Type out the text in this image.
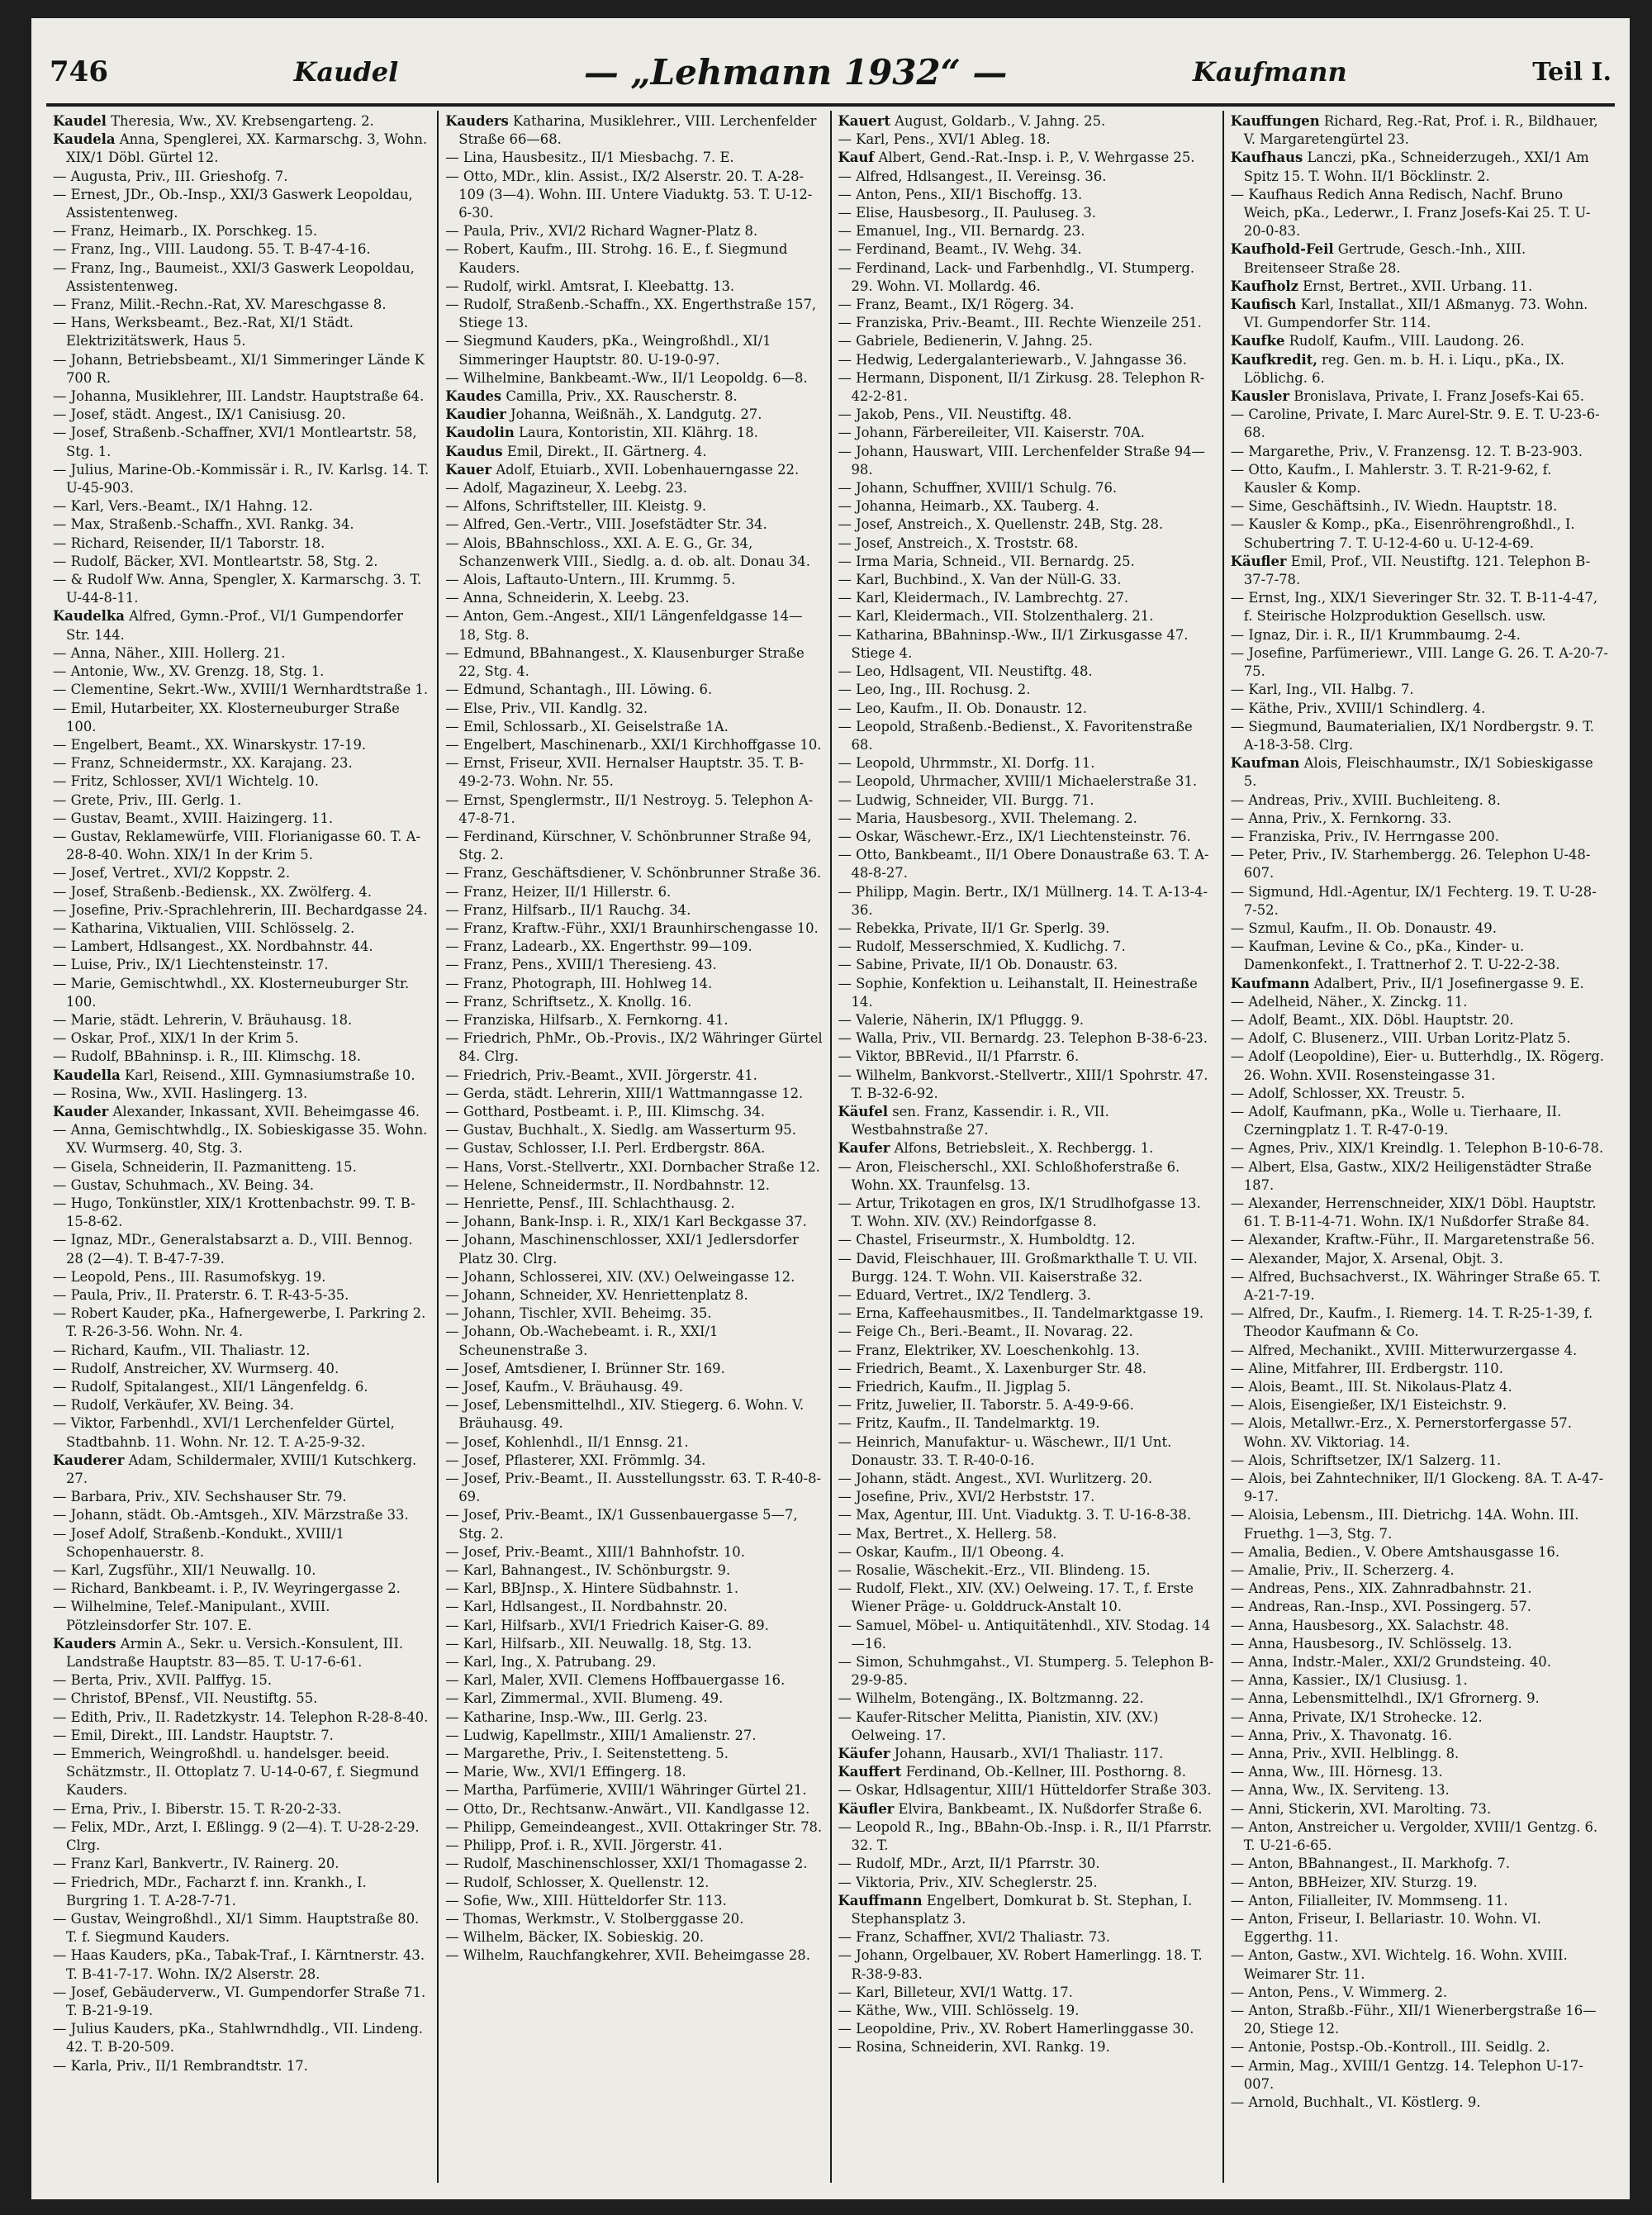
746	Kaudel	— „Lehmann 1932“ —	Kaufmann	Teil I.

Kaudel Theresia, Ww., XV. Krebsengarteng. 2.

Kaudela Anna, Spenglerei, XX. Karmarschg. 3, Wohn. XIX/1 Döbl. Gürtel 12.

— Augusta, Priv., III. Grieshofg. 7.

— Ernest, JDr., Ob.-Insp., XXI/3 Gaswerk Leopoldau, Assistentenweg.

— Franz, Heimarb., IX. Porschkeg. 15.

— Franz, Ing., VIII. Laudong. 55. T. B-47-4-16.

— Franz, Ing., Baumeist., XXI/3 Gaswerk Leopoldau, Assistentenweg.

— Franz, Milit.-Rechn.-Rat, XV. Mareschgasse 8.

— Hans, Werksbeamt., Bez.-Rat, XI/1 Städt. Elektrizitätswerk, Haus 5.

— Johann, Betriebsbeamt., XI/1 Simmeringer Lände K 700 R.

— Johanna, Musiklehrer, III. Landstr. Hauptstraße 64.

— Josef, städt. Angest., IX/1 Canisiusg. 20.

— Josef, Straßenb.-Schaffner, XVI/1 Montleartstr. 58, Stg. 1.

— Julius, Marine-Ob.-Kommissär i. R., IV. Karlsg. 14. T. U-45-903.

— Karl, Vers.-Beamt., IX/1 Hahng. 12.

— Max, Straßenb.-Schaffn., XVI. Rankg. 34.

— Richard, Reisender, II/1 Taborstr. 18.

— Rudolf, Bäcker, XVI. Montleartstr. 58, Stg. 2.

— & Rudolf Ww. Anna, Spengler, X. Karmarschg. 3. T. U-44-8-11.

Kaudelka Alfred, Gymn.-Prof., VI/1 Gumpendorfer Str. 144.

— Anna, Näher., XIII. Hollerg. 21.

— Antonie, Ww., XV. Grenzg. 18, Stg. 1.

— Clementine, Sekrt.-Ww., XVIII/1 Wernhardtstraße 1.

— Emil, Hutarbeiter, XX. Klosterneuburger Straße 100.

— Engelbert, Beamt., XX. Winarskystr. 17-19.

— Franz, Schneidermstr., XX. Karajang. 23.

— Fritz, Schlosser, XVI/1 Wichtelg. 10.

— Grete, Priv., III. Gerlg. 1.

— Gustav, Beamt., XVIII. Haizingerg. 11.

— Gustav, Reklamewürfe, VIII. Florianigasse 60. T. A-28-8-40. Wohn. XIX/1 In der Krim 5.

— Josef, Vertret., XVI/2 Koppstr. 2.

— Josef, Straßenb.-Bediensk., XX. Zwölferg. 4.

— Josefine, Priv.-Sprachlehrerin, III. Bechardgasse 24.

— Katharina, Viktualien, VIII. Schlösselg. 2.

— Lambert, Hdlsangest., XX. Nordbahnstr. 44.

— Luise, Priv., IX/1 Liechtensteinstr. 17.

— Marie, Gemischtwhdl., XX. Klosterneuburger Str. 100.

— Marie, städt. Lehrerin, V. Bräuhausg. 18.

— Oskar, Prof., XIX/1 In der Krim 5.

— Rudolf, BBahninsp. i. R., III. Klimschg. 18.

Kaudella Karl, Reisend., XIII. Gymnasiumstraße 10.

— Rosina, Ww., XVII. Haslingerg. 13.

Kauder Alexander, Inkassant, XVII. Beheimgasse 46.

— Anna, Gemischtwhdlg., IX. Sobieskigasse 35. Wohn. XV. Wurmserg. 40, Stg. 3.

— Gisela, Schneiderin, II. Pazmanitteng. 15.

— Gustav, Schuhmach., XV. Being. 34.

— Hugo, Tonkünstler, XIX/1 Krottenbachstr. 99. T. B-15-8-62.

— Ignaz, MDr., Generalstabsarzt a. D., VIII. Bennog. 28 (2—4). T. B-47-7-39.

— Leopold, Pens., III. Rasumofskyg. 19.

— Paula, Priv., II. Praterstr. 6. T. R-43-5-35.

— Robert Kauder, pKa., Hafnergewerbe, I. Parkring 2. T. R-26-3-56. Wohn. Nr. 4.

— Richard, Kaufm., VII. Thaliastr. 12.

— Rudolf, Anstreicher, XV. Wurmserg. 40.

— Rudolf, Spitalangest., XII/1 Längenfeldg. 6.

— Rudolf, Verkäufer, XV. Being. 34.

— Viktor, Farbenhdl., XVI/1 Lerchenfelder Gürtel, Stadtbahnb. 11. Wohn. Nr. 12. T. A-25-9-32.

Kauderer Adam, Schildermaler, XVIII/1 Kutschkerg. 27.

— Barbara, Priv., XIV. Sechshauser Str. 79.

— Johann, städt. Ob.-Amtsgeh., XIV. Märzstraße 33.

— Josef Adolf, Straßenb.-Kondukt., XVIII/1 Schopenhauerstr. 8.

— Karl, Zugsführ., XII/1 Neuwallg. 10.

— Richard, Bankbeamt. i. P., IV. Weyringergasse 2.

— Wilhelmine, Telef.-Manipulant., XVIII. Pötzleinsdorfer Str. 107. E.

Kauders Armin A., Sekr. u. Versich.-Konsulent, III. Landstraße Hauptstr. 83—85. T. U-17-6-61.

— Berta, Priv., XVII. Palffyg. 15.

— Christof, BPensf., VII. Neustiftg. 55.

— Edith, Priv., II. Radetzkystr. 14. Telephon R-28-8-40.

— Emil, Direkt., III. Landstr. Hauptstr. 7.

— Emmerich, Weingroßhdl. u. handelsger. beeid. Schätzmstr., II. Ottoplatz 7. U-14-0-67, f. Siegmund Kauders.

— Erna, Priv., I. Biberstr. 15. T. R-20-2-33.

— Felix, MDr., Arzt, I. Eßlingg. 9 (2—4). T. U-28-2-29. Clrg.

— Franz Karl, Bankvertr., IV. Rainerg. 20.

— Friedrich, MDr., Facharzt f. inn. Krankh., I. Burgring 1. T. A-28-7-71.

— Gustav, Weingroßhdl., XI/1 Simm. Hauptstraße 80. T. f. Siegmund Kauders.

— Haas Kauders, pKa., Tabak-Traf., I. Kärntnerstr. 43. T. B-41-7-17. Wohn. IX/2 Alserstr. 28.

— Josef, Gebäuderverw., VI. Gumpendorfer Straße 71. T. B-21-9-19.

— Julius Kauders, pKa., Stahlwrndhdlg., VII. Lindeng. 42. T. B-20-509.

— Karla, Priv., II/1 Rembrandtstr. 17.

Kauders Katharina, Musiklehrer., VIII. Lerchenfelder Straße 66—68.

— Lina, Hausbesitz., II/1 Miesbachg. 7. E.

— Otto, MDr., klin. Assist., IX/2 Alserstr. 20. T. A-28-109 (3—4). Wohn. III. Untere Viaduktg. 53. T. U-12-6-30.

— Paula, Priv., XVI/2 Richard Wagner-Platz 8.

— Robert, Kaufm., III. Strohg. 16. E., f. Siegmund Kauders.

— Rudolf, wirkl. Amtsrat, I. Kleebattg. 13.

— Rudolf, Straßenb.-Schaffn., XX. Engerthstraße 157, Stiege 13.

— Siegmund Kauders, pKa., Weingroßhdl., XI/1 Simmeringer Hauptstr. 80. U-19-0-97.

— Wilhelmine, Bankbeamt.-Ww., II/1 Leopoldg. 6—8.

Kaudes Camilla, Priv., XX. Rauscherstr. 8.

Kaudier Johanna, Weißnäh., X. Landgutg. 27.

Kaudolin Laura, Kontoristin, XII. Klährg. 18.

Kaudus Emil, Direkt., II. Gärtnerg. 4.

Kauer Adolf, Etuiarb., XVII. Lobenhauerngasse 22.

— Adolf, Magazineur, X. Leebg. 23.

— Alfons, Schriftsteller, III. Kleistg. 9.

— Alfred, Gen.-Vertr., VIII. Josefstädter Str. 34.

— Alois, BBahnschloss., XXI. A. E. G., Gr. 34, Schanzenwerk VIII., Siedlg. a. d. ob. alt. Donau 34.

— Alois, Laftauto-Untern., III. Krummg. 5.

— Anna, Schneiderin, X. Leebg. 23.

— Anton, Gem.-Angest., XII/1 Längenfeldgasse 14—18, Stg. 8.

— Edmund, BBahnangest., X. Klausenburger Straße 22, Stg. 4.

— Edmund, Schantagh., III. Löwing. 6.

— Else, Priv., VII. Kandlg. 32.

— Emil, Schlossarb., XI. Geiselstraße 1A.

— Engelbert, Maschinenarb., XXI/1 Kirchhoffgasse 10.

— Ernst, Friseur, XVII. Hernalser Hauptstr. 35. T. B-49-2-73. Wohn. Nr. 55.

— Ernst, Spenglermstr., II/1 Nestroyg. 5. Telephon A-47-8-71.

— Ferdinand, Kürschner, V. Schönbrunner Straße 94, Stg. 2.

— Franz, Geschäftsdiener, V. Schönbrunner Straße 36.

— Franz, Heizer, II/1 Hillerstr. 6.

— Franz, Hilfsarb., II/1 Rauchg. 34.

— Franz, Kraftw.-Führ., XXI/1 Braunhirschengasse 10.

— Franz, Ladearb., XX. Engerthstr. 99—109.

— Franz, Pens., XVIII/1 Theresieng. 43.

— Franz, Photograph, III. Hohlweg 14.

— Franz, Schriftsetz., X. Knollg. 16.

— Franziska, Hilfsarb., X. Fernkorng. 41.

— Friedrich, PhMr., Ob.-Provis., IX/2 Währinger Gürtel 84. Clrg.

— Friedrich, Priv.-Beamt., XVII. Jörgerstr. 41.

— Gerda, städt. Lehrerin, XIII/1 Wattmanngasse 12.

— Gotthard, Postbeamt. i. P., III. Klimschg. 34.

— Gustav, Buchhalt., X. Siedlg. am Wasserturm 95.

— Gustav, Schlosser, I.I. Perl. Erdbergstr. 86A.

— Hans, Vorst.-Stellvertr., XXI. Dornbacher Straße 12.

— Helene, Schneidermstr., II. Nordbahnstr. 12.

— Henriette, Pensf., III. Schlachthausg. 2.

— Johann, Bank-Insp. i. R., XIX/1 Karl Beckgasse 37.

— Johann, Maschinenschlosser, XXI/1 Jedlersdorfer Platz 30. Clrg.

— Johann, Schlosserei, XIV. (XV.) Oelweingasse 12.

— Johann, Schneider, XV. Henriettenplatz 8.

— Johann, Tischler, XVII. Beheimg. 35.

— Johann, Ob.-Wachebeamt. i. R., XXI/1 Scheunenstraße 3.

— Josef, Amtsdiener, I. Brünner Str. 169.

— Josef, Kaufm., V. Bräuhausg. 49.

— Josef, Lebensmittelhdl., XIV. Stiegerg. 6. Wohn. V. Bräuhausg. 49.

— Josef, Kohlenhdl., II/1 Ennsg. 21.

— Josef, Pflasterer, XXI. Frömmlg. 34.

— Josef, Priv.-Beamt., II. Ausstellungsstr. 63. T. R-40-8-69.

— Josef, Priv.-Beamt., IX/1 Gussenbauergasse 5—7, Stg. 2.

— Josef, Priv.-Beamt., XIII/1 Bahnhofstr. 10.

— Karl, Bahnangest., IV. Schönburgstr. 9.

— Karl, BBJnsp., X. Hintere Südbahnstr. 1.

— Karl, Hdlsangest., II. Nordbahnstr. 20.

— Karl, Hilfsarb., XVI/1 Friedrich Kaiser-G. 89.

— Karl, Hilfsarb., XII. Neuwallg. 18, Stg. 13.

— Karl, Ing., X. Patrubang. 29.

— Karl, Maler, XVII. Clemens Hoffbauergasse 16.

— Karl, Zimmermal., XVII. Blumeng. 49.

— Katharine, Insp.-Ww., III. Gerlg. 23.

— Ludwig, Kapellmstr., XIII/1 Amalienstr. 27.

— Margarethe, Priv., I. Seitenstetteng. 5.

— Marie, Ww., XVI/1 Effingerg. 18.

— Martha, Parfümerie, XVIII/1 Währinger Gürtel 21.

— Otto, Dr., Rechtsanw.-Anwärt., VII. Kandlgasse 12.

— Philipp, Gemeindeangest., XVII. Ottakringer Str. 78.

— Philipp, Prof. i. R., XVII. Jörgerstr. 41.

— Rudolf, Maschinenschlosser, XXI/1 Thomagasse 2.

— Rudolf, Schlosser, X. Quellenstr. 12.

— Sofie, Ww., XIII. Hütteldorfer Str. 113.

— Thomas, Werkmstr., V. Stolberggasse 20.

— Wilhelm, Bäcker, IX. Sobieskig. 20.

— Wilhelm, Rauchfangkehrer, XVII. Beheimgasse 28.

Kauert August, Goldarb., V. Jahng. 25.

— Karl, Pens., XVI/1 Ableg. 18.

Kauf Albert, Gend.-Rat.-Insp. i. P., V. Wehrgasse 25.

— Alfred, Hdlsangest., II. Vereinsg. 36.

— Anton, Pens., XII/1 Bischoffg. 13.

— Elise, Hausbesorg., II. Pauluseg. 3.

— Emanuel, Ing., VII. Bernardg. 23.

— Ferdinand, Beamt., IV. Wehg. 34.

— Ferdinand, Lack- und Farbenhdlg., VI. Stumperg. 29. Wohn. VI. Mollardg. 46.

— Franz, Beamt., IX/1 Rögerg. 34.

— Franziska, Priv.-Beamt., III. Rechte Wienzeile 251.

— Gabriele, Bedienerin, V. Jahng. 25.

— Hedwig, Ledergalanteriewarb., V. Jahngasse 36.

— Hermann, Disponent, II/1 Zirkusg. 28. Telephon R-42-2-81.

— Jakob, Pens., VII. Neustiftg. 48.

— Johann, Färbereileiter, VII. Kaiserstr. 70A.

— Johann, Hauswart, VIII. Lerchenfelder Straße 94—98.

— Johann, Schuffner, XVIII/1 Schulg. 76.

— Johanna, Heimarb., XX. Tauberg. 4.

— Josef, Anstreich., X. Quellenstr. 24B, Stg. 28.

— Josef, Anstreich., X. Troststr. 68.

— Irma Maria, Schneid., VII. Bernardg. 25.

— Karl, Buchbind., X. Van der Nüll-G. 33.

— Karl, Kleidermach., IV. Lambrechtg. 27.

— Karl, Kleidermach., VII. Stolzenthalerg. 21.

— Katharina, BBahninsp.-Ww., II/1 Zirkusgasse 47. Stiege 4.

— Leo, Hdlsagent, VII. Neustiftg. 48.

— Leo, Ing., III. Rochusg. 2.

— Leo, Kaufm., II. Ob. Donaustr. 12.

— Leopold, Straßenb.-Bedienst., X. Favoritenstraße 68.

— Leopold, Uhrmmstr., XI. Dorfg. 11.

— Leopold, Uhrmacher, XVIII/1 Michaelerstraße 31.

— Ludwig, Schneider, VII. Burgg. 71.

— Maria, Hausbesorg., XVII. Thelemang. 2.

— Oskar, Wäschewr.-Erz., IX/1 Liechtensteinstr. 76.

— Otto, Bankbeamt., II/1 Obere Donaustraße 63. T. A-48-8-27.

— Philipp, Magin. Bertr., IX/1 Müllnerg. 14. T. A-13-4-36.

— Rebekka, Private, II/1 Gr. Sperlg. 39.

— Rudolf, Messerschmied, X. Kudlichg. 7.

— Sabine, Private, II/1 Ob. Donaustr. 63.

— Sophie, Konfektion u. Leihanstalt, II. Heinestraße 14.

— Valerie, Näherin, IX/1 Pfluggg. 9.

— Walla, Priv., VII. Bernardg. 23. Telephon B-38-6-23.

— Viktor, BBRevid., II/1 Pfarrstr. 6.

— Wilhelm, Bankvorst.-Stellvertr., XIII/1 Spohrstr. 47. T. B-32-6-92.

Käufel sen. Franz, Kassendir. i. R., VII. Westbahnstraße 27.

Kaufer Alfons, Betriebsleit., X. Rechbergg. 1.

— Aron, Fleischerschl., XXI. Schloßhoferstraße 6. Wohn. XX. Traunfelsg. 13.

— Artur, Trikotagen en gros, IX/1 Strudlhofgasse 13. T. Wohn. XIV. (XV.) Reindorfgasse 8.

— Chastel, Friseurmstr., X. Humboldtg. 12.

— David, Fleischhauer, III. Großmarkthalle T. U. VII. Burgg. 124. T. Wohn. VII. Kaiserstraße 32.

— Eduard, Vertret., IX/2 Tendlerg. 3.

— Erna, Kaffeehausmitbes., II. Tandelmarktgasse 19.

— Feige Ch., Beri.-Beamt., II. Novarag. 22.

— Franz, Elektriker, XV. Loeschenkohlg. 13.

— Friedrich, Beamt., X. Laxenburger Str. 48.

— Friedrich, Kaufm., II. Jigplag 5.

— Fritz, Juwelier, II. Taborstr. 5. A-49-9-66.

— Fritz, Kaufm., II. Tandelmarktg. 19.

— Heinrich, Manufaktur- u. Wäschewr., II/1 Unt. Donaustr. 33. T. R-40-0-16.

— Johann, städt. Angest., XVI. Wurlitzerg. 20.

— Josefine, Priv., XVI/2 Herbststr. 17.

— Max, Agentur, III. Unt. Viaduktg. 3. T. U-16-8-38.

— Max, Bertret., X. Hellerg. 58.

— Oskar, Kaufm., II/1 Obeong. 4.

— Rosalie, Wäschekit.-Erz., VII. Blindeng. 15.

— Rudolf, Flekt., XIV. (XV.) Oelweing. 17. T., f. Erste Wiener Präge- u. Golddruck-Anstalt 10.

— Samuel, Möbel- u. Antiquitätenhdl., XIV. Stodag. 14—16.

— Simon, Schuhmgahst., VI. Stumperg. 5. Telephon B-29-9-85.

— Wilhelm, Botengäng., IX. Boltzmanng. 22.

— Kaufer-Ritscher Melitta, Pianistin, XIV. (XV.) Oelweing. 17.

Käufer Johann, Hausarb., XVI/1 Thaliastr. 117.

Kauffert Ferdinand, Ob.-Kellner, III. Posthorng. 8.

— Oskar, Hdlsagentur, XIII/1 Hütteldorfer Straße 303.

Käufler Elvira, Bankbeamt., IX. Nußdorfer Straße 6.

— Leopold R., Ing., BBahn-Ob.-Insp. i. R., II/1 Pfarrstr. 32. T.

— Rudolf, MDr., Arzt, II/1 Pfarrstr. 30.

— Viktoria, Priv., XIV. Scheglerstr. 25.

Kauffmann Engelbert, Domkurat b. St. Stephan, I. Stephansplatz 3.

— Franz, Schaffner, XVI/2 Thaliastr. 73.

— Johann, Orgelbauer, XV. Robert Hamerlingg. 18. T. R-38-9-83.

— Karl, Billeteur, XVI/1 Wattg. 17.

— Käthe, Ww., VIII. Schlösselg. 19.

— Leopoldine, Priv., XV. Robert Hamerlinggasse 30.

— Rosina, Schneiderin, XVI. Rankg. 19.

Kauffungen Richard, Reg.-Rat, Prof. i. R., Bildhauer, V. Margaretengürtel 23.

Kaufhaus Lanczi, pKa., Schneiderzugeh., XXI/1 Am Spitz 15. T. Wohn. II/1 Böcklinstr. 2.

— Kaufhaus Redich Anna Redisch, Nachf. Bruno Weich, pKa., Lederwr., I. Franz Josefs-Kai 25. T. U-20-0-83.

Kaufhold-Feil Gertrude, Gesch.-Inh., XIII. Breitenseer Straße 28.

Kaufholz Ernst, Bertret., XVII. Urbang. 11.

Kaufisch Karl, Installat., XII/1 Aßmanyg. 73. Wohn. VI. Gumpendorfer Str. 114.

Kaufke Rudolf, Kaufm., VIII. Laudong. 26.

Kaufkredit, reg. Gen. m. b. H. i. Liqu., pKa., IX. Löblichg. 6.

Kausler Bronislava, Private, I. Franz Josefs-Kai 65.

— Caroline, Private, I. Marc Aurel-Str. 9. E. T. U-23-6-68.

— Margarethe, Priv., V. Franzensg. 12. T. B-23-903.

— Otto, Kaufm., I. Mahlerstr. 3. T. R-21-9-62, f. Kausler & Komp.

— Sime, Geschäftsinh., IV. Wiedn. Hauptstr. 18.

— Kausler & Komp., pKa., Eisenröhrengroßhdl., I. Schubertring 7. T. U-12-4-60 u. U-12-4-69.

Käufler Emil, Prof., VII. Neustiftg. 121. Telephon B-37-7-78.

— Ernst, Ing., XIX/1 Sieveringer Str. 32. T. B-11-4-47, f. Steirische Holzproduktion Gesellsch. usw.

— Ignaz, Dir. i. R., II/1 Krummbaumg. 2-4.

— Josefine, Parfümeriewr., VIII. Lange G. 26. T. A-20-7-75.

— Karl, Ing., VII. Halbg. 7.

— Käthe, Priv., XVIII/1 Schindlerg. 4.

— Siegmund, Baumaterialien, IX/1 Nordbergstr. 9. T. A-18-3-58. Clrg.

Kaufman Alois, Fleischhaumstr., IX/1 Sobieskigasse 5.

— Andreas, Priv., XVIII. Buchleiteng. 8.

— Anna, Priv., X. Fernkorng. 33.

— Franziska, Priv., IV. Herrngasse 200.

— Peter, Priv., IV. Starhembergg. 26. Telephon U-48-607.

— Sigmund, Hdl.-Agentur, IX/1 Fechterg. 19. T. U-28-7-52.

— Szmul, Kaufm., II. Ob. Donaustr. 49.

— Kaufman, Levine & Co., pKa., Kinder- u. Damenkonfekt., I. Trattnerhof 2. T. U-22-2-38.

Kaufmann Adalbert, Priv., II/1 Josefinergasse 9. E.

— Adelheid, Näher., X. Zinckg. 11.

— Adolf, Beamt., XIX. Döbl. Hauptstr. 20.

— Adolf, C. Blusenerz., VIII. Urban Loritz-Platz 5.

— Adolf (Leopoldine), Eier- u. Butterhdlg., IX. Rögerg. 26. Wohn. XVII. Rosensteingasse 31.

— Adolf, Schlosser, XX. Treustr. 5.

— Adolf, Kaufmann, pKa., Wolle u. Tierhaare, II. Czerningplatz 1. T. R-47-0-19.

— Agnes, Priv., XIX/1 Kreindlg. 1. Telephon B-10-6-78.

— Albert, Elsa, Gastw., XIX/2 Heiligenstädter Straße 187.

— Alexander, Herrenschneider, XIX/1 Döbl. Hauptstr. 61. T. B-11-4-71. Wohn. IX/1 Nußdorfer Straße 84.

— Alexander, Kraftw.-Führ., II. Margaretenstraße 56.

— Alexander, Major, X. Arsenal, Objt. 3.

— Alfred, Buchsachverst., IX. Währinger Straße 65. T. A-21-7-19.

— Alfred, Dr., Kaufm., I. Riemerg. 14. T. R-25-1-39, f. Theodor Kaufmann & Co.

— Alfred, Mechanikt., XVIII. Mitterwurzergasse 4.

— Aline, Mitfahrer, III. Erdbergstr. 110.

— Alois, Beamt., III. St. Nikolaus-Platz 4.

— Alois, Eisengießer, IX/1 Eisteichstr. 9.

— Alois, Metallwr.-Erz., X. Pernerstorfergasse 57. Wohn. XV. Viktoriag. 14.

— Alois, Schriftsetzer, IX/1 Salzerg. 11.

— Alois, bei Zahntechniker, II/1 Glockeng. 8A. T. A-47-9-17.

— Aloisia, Lebensm., III. Dietrichg. 14A. Wohn. III. Fruethg. 1—3, Stg. 7.

— Amalia, Bedien., V. Obere Amtshausgasse 16.

— Amalie, Priv., II. Scherzerg. 4.

— Andreas, Pens., XIX. Zahnradbahnstr. 21.

— Andreas, Ran.-Insp., XVI. Possingerg. 57.

— Anna, Hausbesorg., XX. Salachstr. 48.

— Anna, Hausbesorg., IV. Schlösselg. 13.

— Anna, Indstr.-Maler., XXI/2 Grundsteing. 40.

— Anna, Kassier., IX/1 Clusiusg. 1.

— Anna, Lebensmittelhdl., IX/1 Gfrornerg. 9.

— Anna, Private, IX/1 Strohecke. 12.

— Anna, Priv., X. Thavonatg. 16.

— Anna, Priv., XVII. Helblingg. 8.

— Anna, Ww., III. Hörnesg. 13.

— Anna, Ww., IX. Serviteng. 13.

— Anni, Stickerin, XVI. Marolting. 73.

— Anton, Anstreicher u. Vergolder, XVIII/1 Gentzg. 6. T. U-21-6-65.

— Anton, BBahnangest., II. Markhofg. 7.

— Anton, BBHeizer, XIV. Sturzg. 19.

— Anton, Filialleiter, IV. Mommseng. 11.

— Anton, Friseur, I. Bellariastr. 10. Wohn. VI. Eggerthg. 11.

— Anton, Gastw., XVI. Wichtelg. 16. Wohn. XVIII. Weimarer Str. 11.

— Anton, Pens., V. Wimmerg. 2.

— Anton, Straßb.-Führ., XII/1 Wienerbergstraße 16—20, Stiege 12.

— Antonie, Postsp.-Ob.-Kontroll., III. Seidlg. 2.

— Armin, Mag., XVIII/1 Gentzg. 14. Telephon U-17-007.

— Arnold, Buchhalt., VI. Köstlerg. 9.
